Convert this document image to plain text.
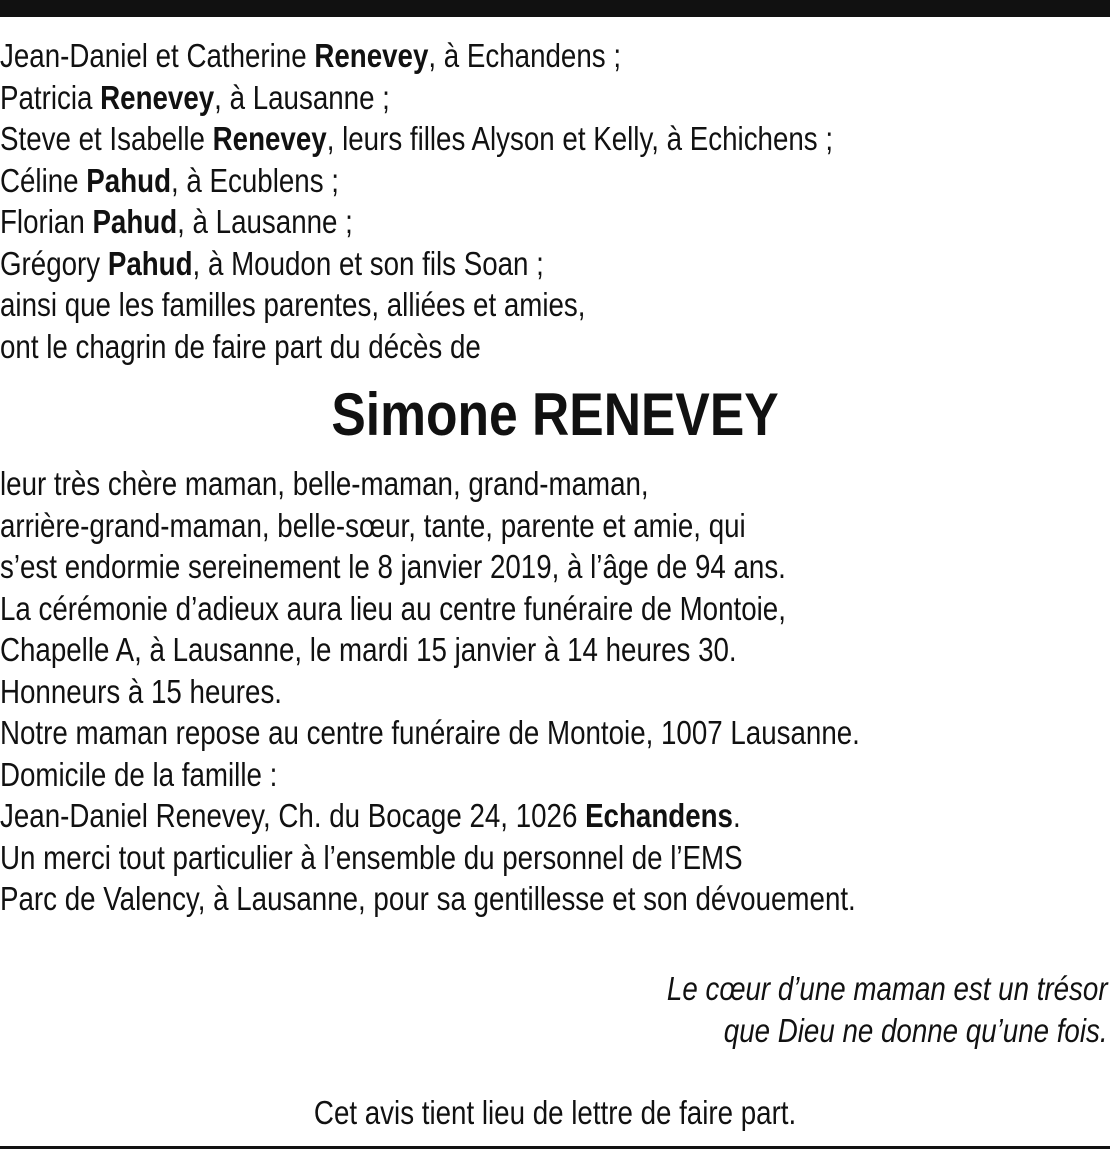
Jean-Daniel et Catherine Renevey, à Echandens ;
Patricia Renevey, à Lausanne ;
Steve et Isabelle Renevey, leurs filles Alyson et Kelly, à Echichens ;
Céline Pahud, à Ecublens ;
Florian Pahud, à Lausanne ;
Grégory Pahud, à Moudon et son fils Soan ;
ainsi que les familles parentes, alliées et amies,
ont le chagrin de faire part du décès de
Simone RENEVEY
leur très chère maman, belle-maman, grand-maman,
arrière-grand-maman, belle-sœur, tante, parente et amie, qui
s’est endormie sereinement le 8 janvier 2019, à l’âge de 94 ans.
La cérémonie d’adieux aura lieu au centre funéraire de Montoie,
Chapelle A, à Lausanne, le mardi 15 janvier à 14 heures 30.
Honneurs à 15 heures.
Notre maman repose au centre funéraire de Montoie, 1007 Lausanne.
Domicile de la famille :
Jean-Daniel Renevey, Ch. du Bocage 24, 1026 Echandens.
Un merci tout particulier à l’ensemble du personnel de l’EMS
Parc de Valency, à Lausanne, pour sa gentillesse et son dévouement.
Le cœur d’une maman est un trésor
que Dieu ne donne qu’une fois.
Cet avis tient lieu de lettre de faire part.
